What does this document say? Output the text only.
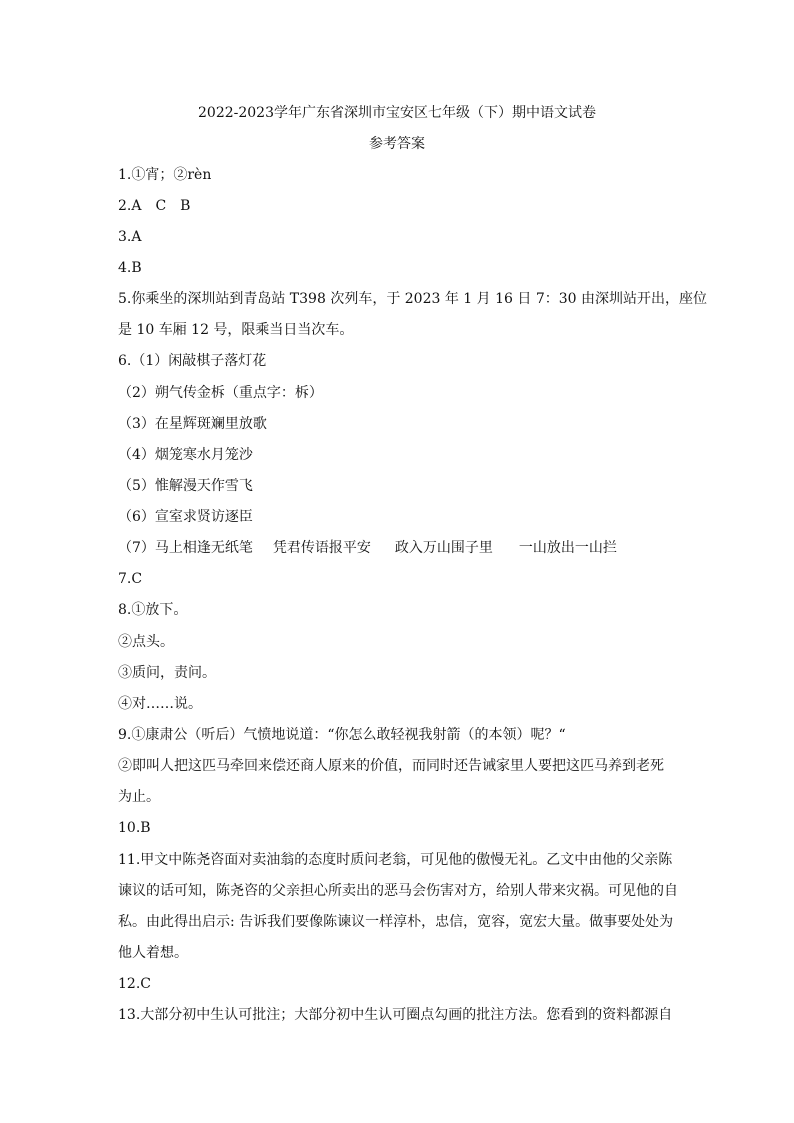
2022-2023学年广东省深圳市宝安区七年级（下）期中语文试卷
参考答案
1.①宵；②rèn
2.A　C　B
3.A
4.B
5.你乘坐的深圳站到青岛站 T398 次列车，于 2023 年 1 月 16 日 7：30 由深圳站开出，座位
是 10 车厢 12 号，限乘当日当次车。
6.（1）闲敲棋子落灯花
（2）朔气传金柝（重点字：柝）
（3）在星辉斑斓里放歌
（4）烟笼寒水月笼沙
（5）惟解漫天作雪飞
（6）宣室求贤访逐臣
（7）马上相逢无纸笔 凭君传语报平安 政入万山围子里 一山放出一山拦
7.C
8.①放下。
②点头。
③质问，责问。
④对……说。
9.①康肃公（听后）气愤地说道：“你怎么敢轻视我射箭（的本领）呢？“
②即叫人把这匹马牵回来偿还商人原来的价值，而同时还告诫家里人要把这匹马养到老死
为止。
10.B
11.甲文中陈尧咨面对卖油翁的态度时质问老翁，可见他的傲慢无礼。乙文中由他的父亲陈
谏议的话可知，陈尧咨的父亲担心所卖出的恶马会伤害对方，给别人带来灾祸。可见他的自
私。由此得出启示: 告诉我们要像陈谏议一样淳朴，忠信，宽容，宽宏大量。做事要处处为
他人着想。
12.C
13.大部分初中生认可批注；大部分初中生认可圈点勾画的批注方法。您看到的资料都源自
